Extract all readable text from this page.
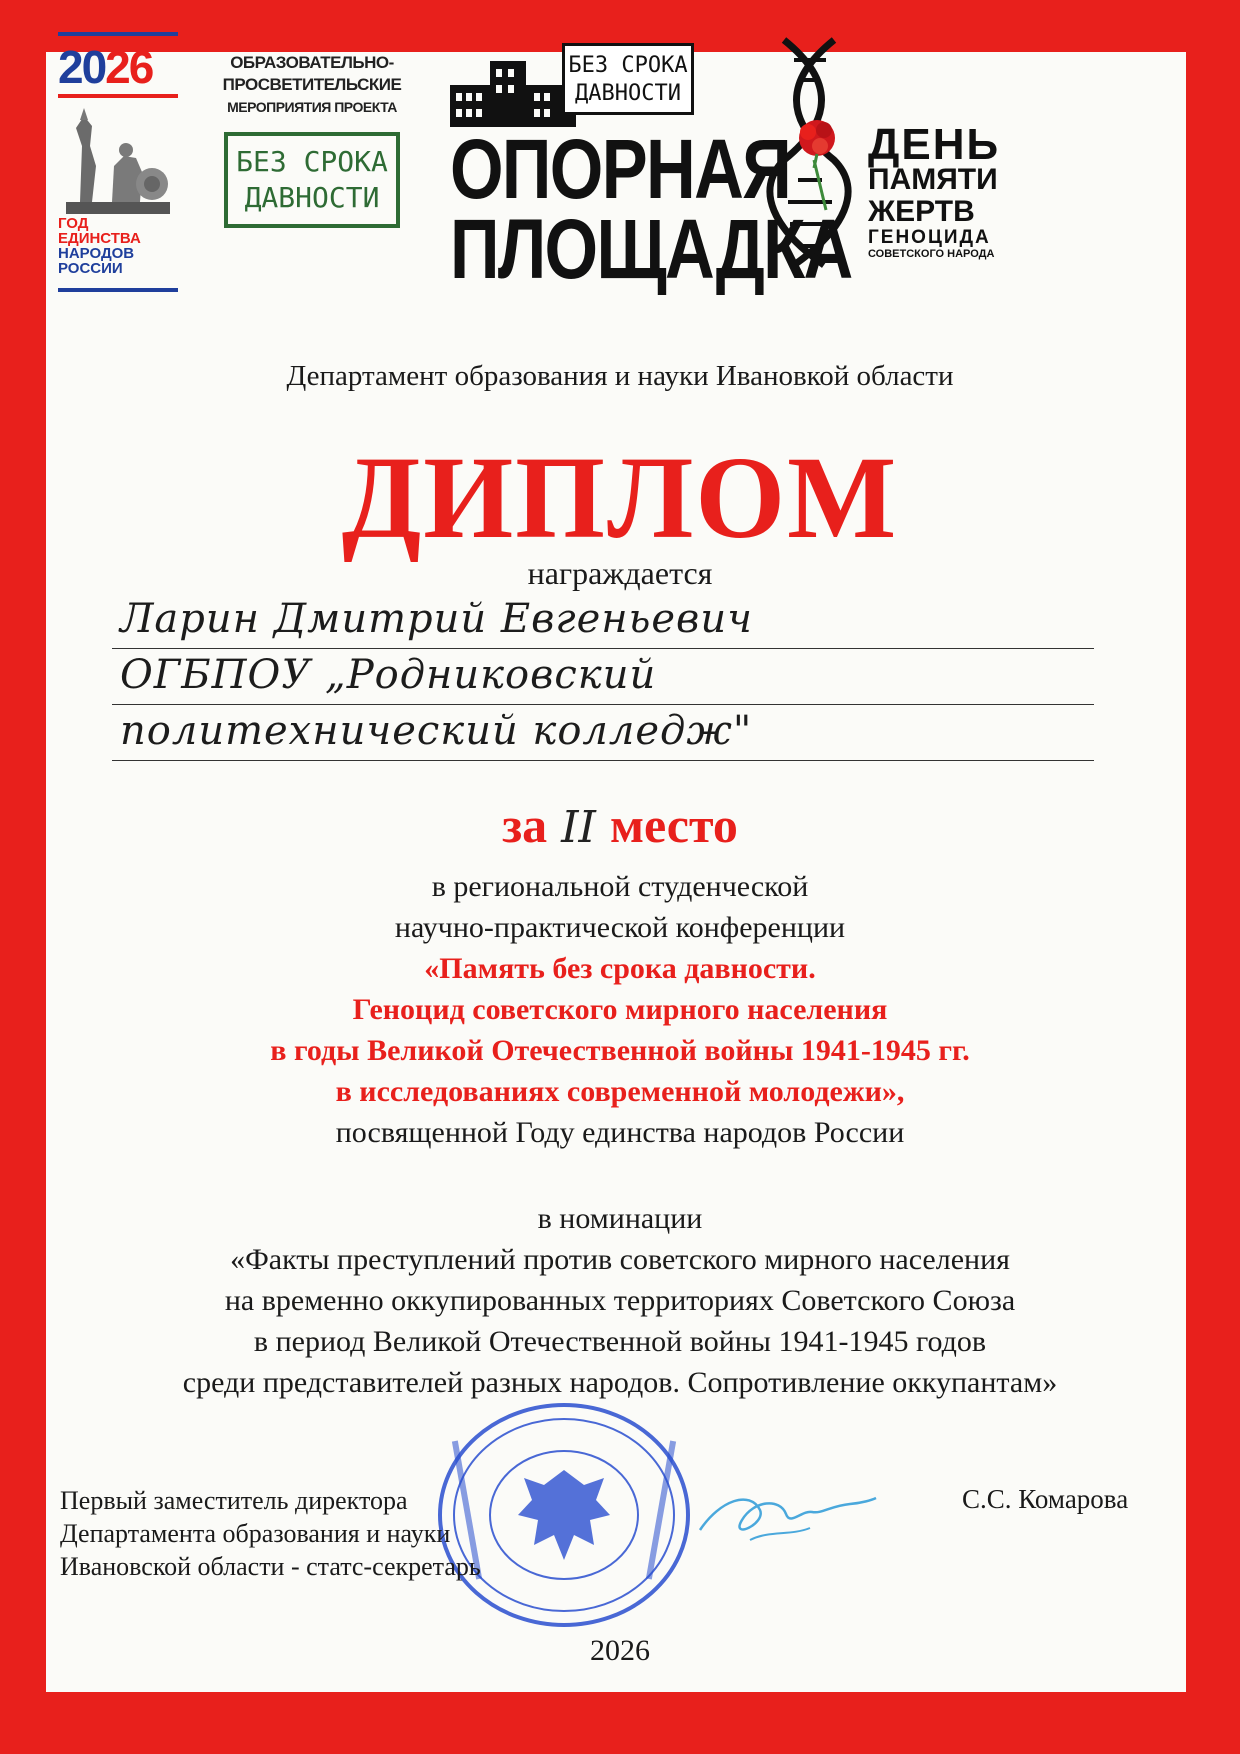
2026
ГОД
ЕДИНСТВА
НАРОДОВ
РОССИИ
ОБРАЗОВАТЕЛЬНО-
ПРОСВЕТИТЕЛЬСКИЕ
МЕРОПРИЯТИЯ ПРОЕКТА
БЕЗ СРОКА
ДАВНОСТИ
БЕЗ СРОКА
ДАВНОСТИ
ОПОРНАЯ
ПЛОЩАДКА
ДЕНЬ
ПАМЯТИ
ЖЕРТВ
ГЕНОЦИДА
СОВЕТСКОГО НАРОДА
Департамент образования и науки Ивановкой области
ДИПЛОМ
награждается
Ларин Дмитрий Евгеньевич
ОГБПОУ „Родниковский
политехнический колледж"
за II место
в региональной студенческой
научно-практической конференции
«Память без срока давности.
Геноцид советского мирного населения
в годы Великой Отечественной войны 1941-1945 гг.
в исследованиях современной молодежи»,
посвященной Году единства народов России
в номинации
«Факты преступлений против советского мирного населения
на временно оккупированных территориях Советского Союза
в период Великой Отечественной войны 1941-1945 годов
среди представителей разных народов. Сопротивление оккупантам»
Первый заместитель директора
Департамента образования и науки
Ивановской области - статс-секретарь
С.С. Комарова
2026
